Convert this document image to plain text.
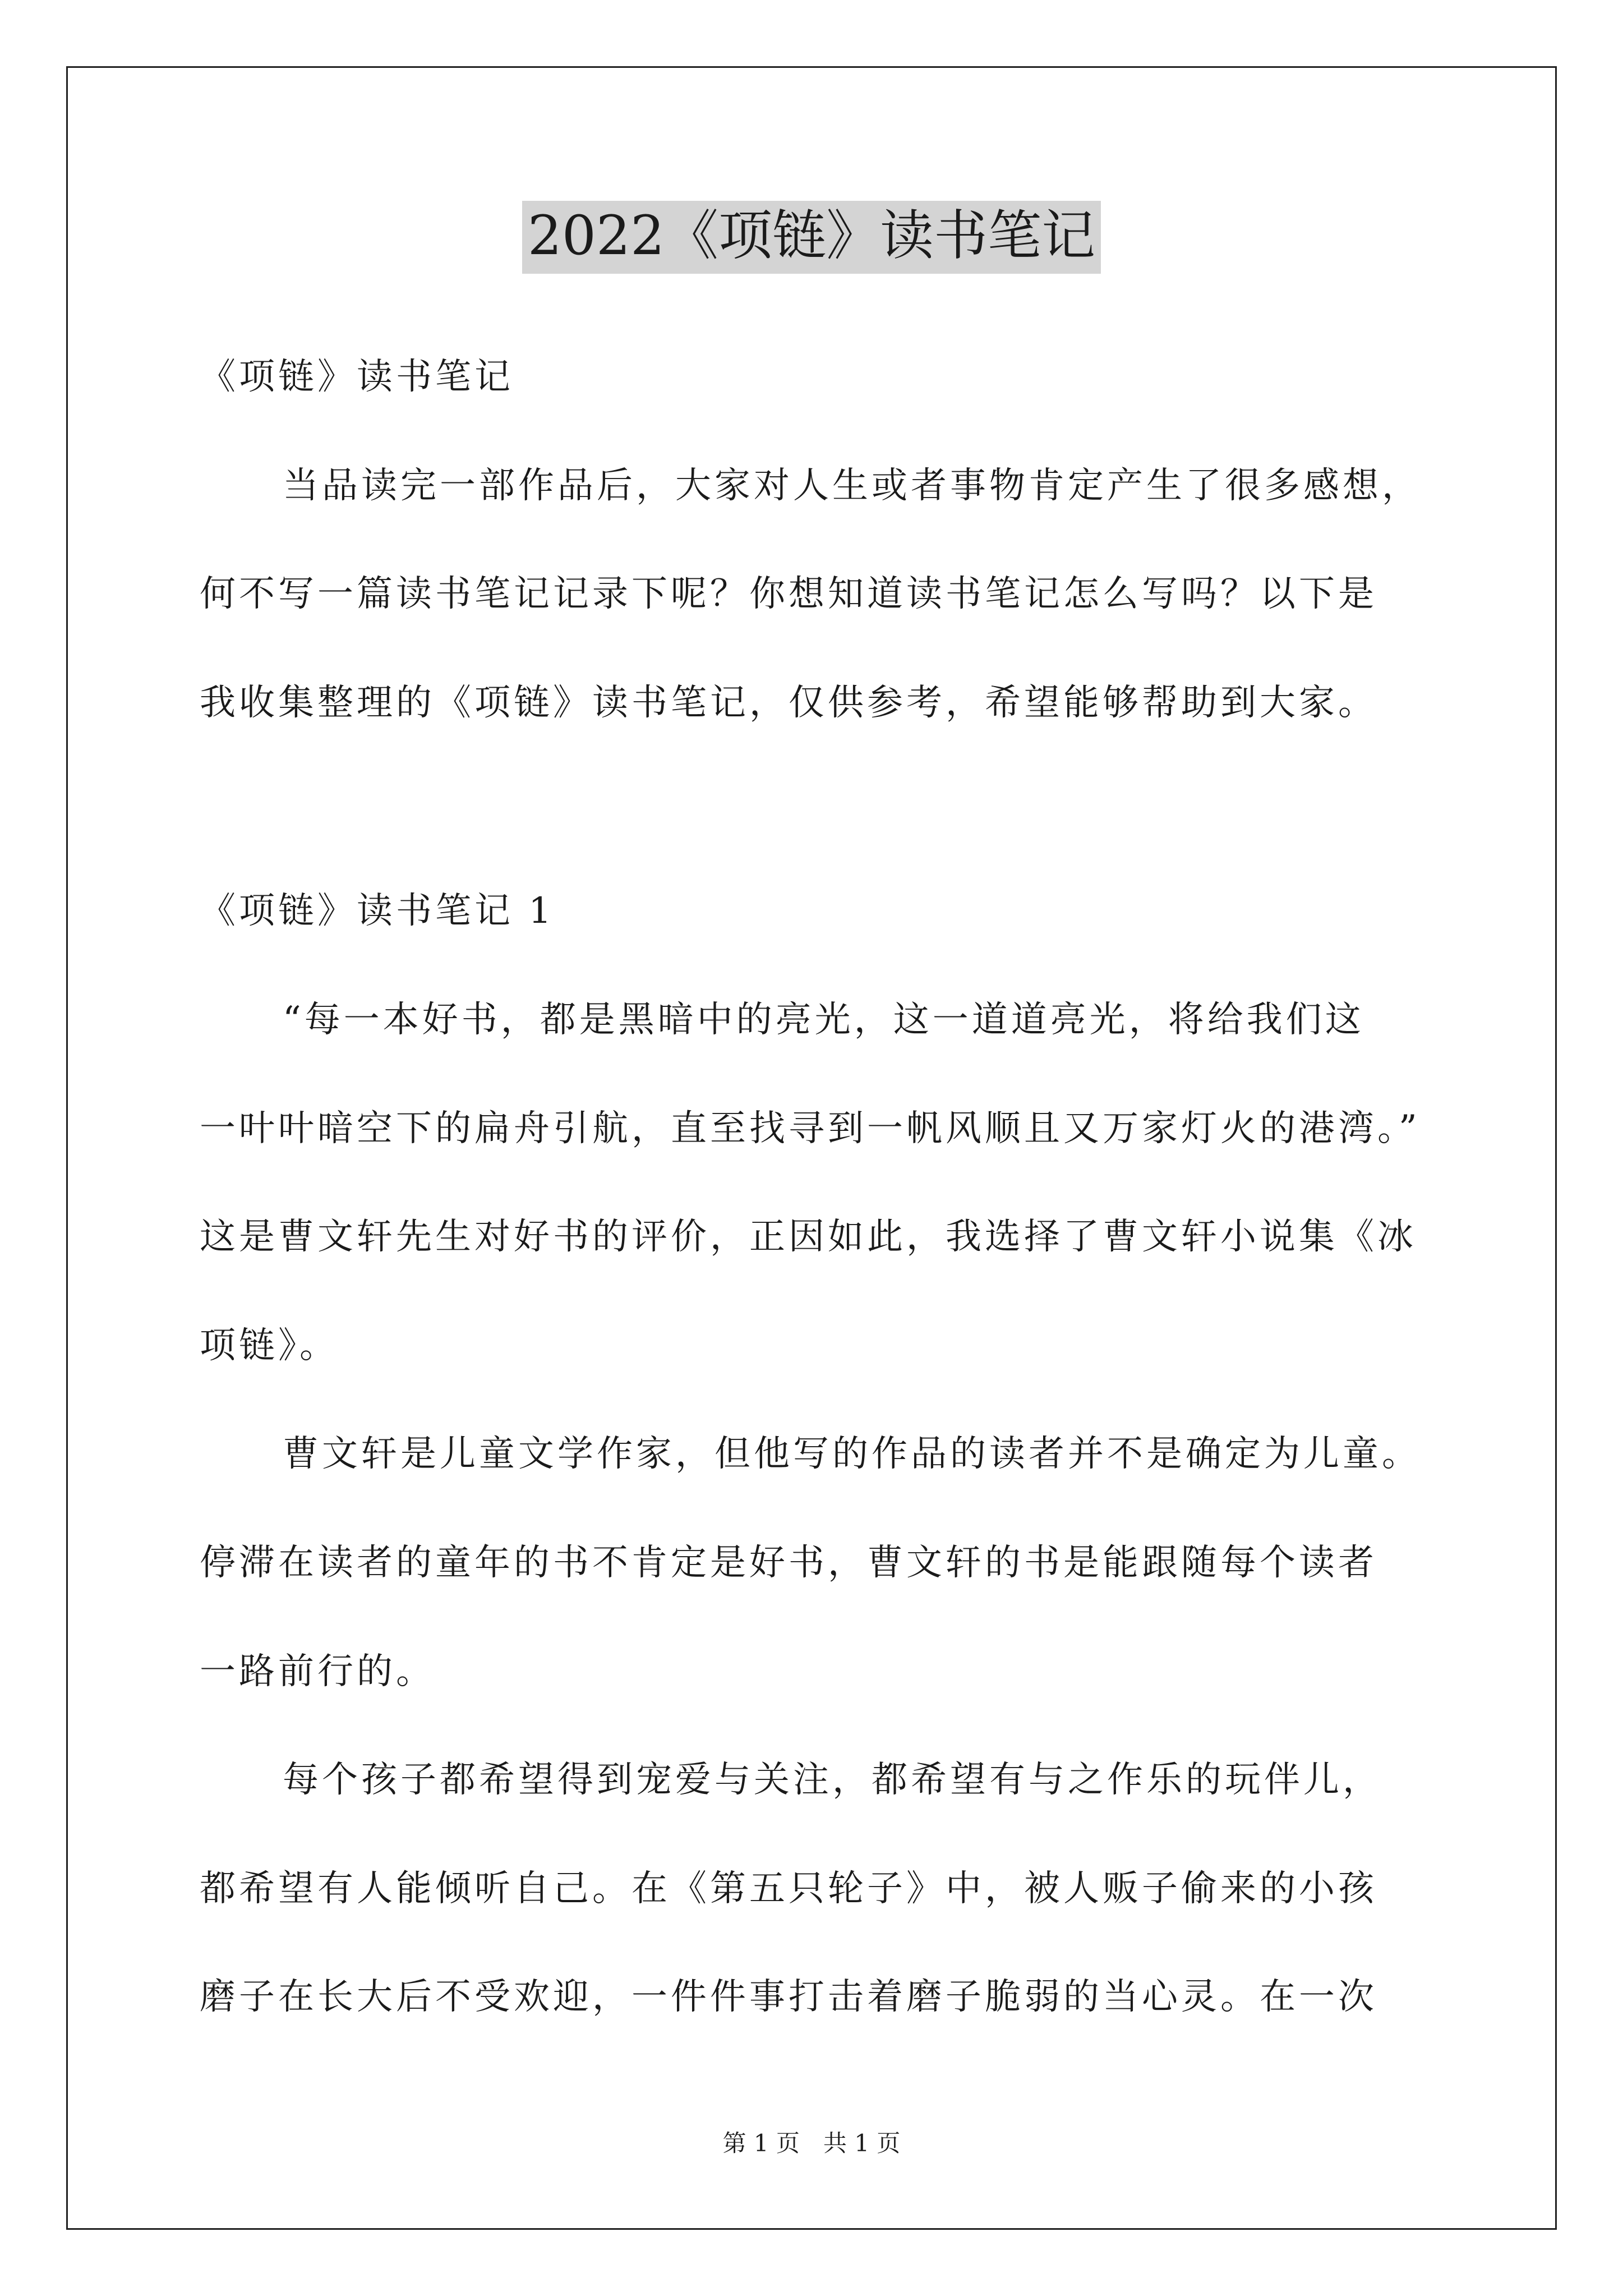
2022《项链》读书笔记
《项链》读书笔记
当品读完一部作品后，大家对人生或者事物肯定产生了很多感想，
何不写一篇读书笔记记录下呢？你想知道读书笔记怎么写吗？以下是
我收集整理的《项链》读书笔记，仅供参考，希望能够帮助到大家。
《项链》读书笔记 1
“每一本好书，都是黑暗中的亮光，这一道道亮光，将给我们这
一叶叶暗空下的扁舟引航，直至找寻到一帆风顺且又万家灯火的港湾。”
这是曹文轩先生对好书的评价，正因如此，我选择了曹文轩小说集《冰
项链》。
曹文轩是儿童文学作家，但他写的作品的读者并不是确定为儿童。
停滞在读者的童年的书不肯定是好书，曹文轩的书是能跟随每个读者
一路前行的。
每个孩子都希望得到宠爱与关注，都希望有与之作乐的玩伴儿，
都希望有人能倾听自己。在《第五只轮子》中，被人贩子偷来的小孩
磨子在长大后不受欢迎，一件件事打击着磨子脆弱的当心灵。在一次
第 1 页　共 1 页
